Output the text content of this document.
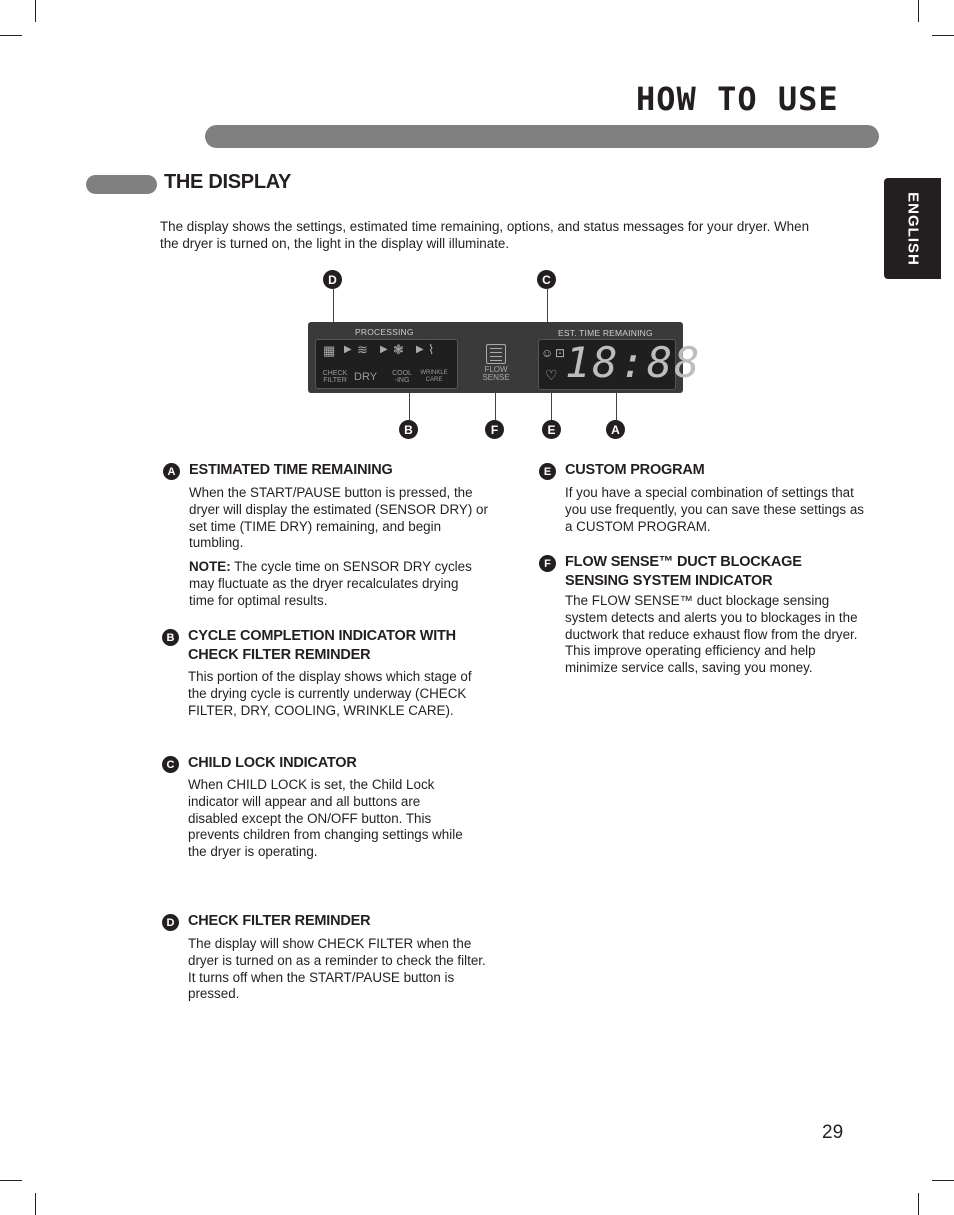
HOW TO USE
ENGLISH
THE DISPLAY
The display shows the settings, estimated time remaining, options, and status messages for your dryer. When the dryer is turned on, the light in the display will illuminate.
D	C
PROCESSING	EST. TIME REMAINING
▦ ▶ ≋ ▶ ❃ ▶ ⌇
CHECK FILTER DRY COOL -ING
WRINKLE CARE
FLOW SENSE
☺ ⊡
♡ 18:88
B	F	E	A
A ESTIMATED TIME REMAINING
When the START/PAUSE button is pressed, the dryer will display the estimated (SENSOR DRY) or set time (TIME DRY) remaining, and begin tumbling.
NOTE: The cycle time on SENSOR DRY cycles may fluctuate as the dryer recalculates drying time for optimal results.
B CYCLE COMPLETION INDICATOR WITH CHECK FILTER REMINDER
This portion of the display shows which stage of the drying cycle is currently underway (CHECK FILTER, DRY, COOLING, WRINKLE CARE).
C CHILD LOCK INDICATOR
When CHILD LOCK is set, the Child Lock indicator will appear and all buttons are disabled except the ON/OFF button. This prevents children from changing settings while the dryer is operating.
D CHECK FILTER REMINDER
The display will show CHECK FILTER when the dryer is turned on as a reminder to check the filter. It turns off when the START/PAUSE button is pressed.
E CUSTOM PROGRAM
If you have a special combination of settings that you use frequently, you can save these settings as a CUSTOM PROGRAM.
F FLOW SENSE™ DUCT BLOCKAGE SENSING SYSTEM INDICATOR
The FLOW SENSE™ duct blockage sensing system detects and alerts you to blockages in the ductwork that reduce exhaust flow from the dryer. This improve operating efficiency and help minimize service calls, saving you money.
29
